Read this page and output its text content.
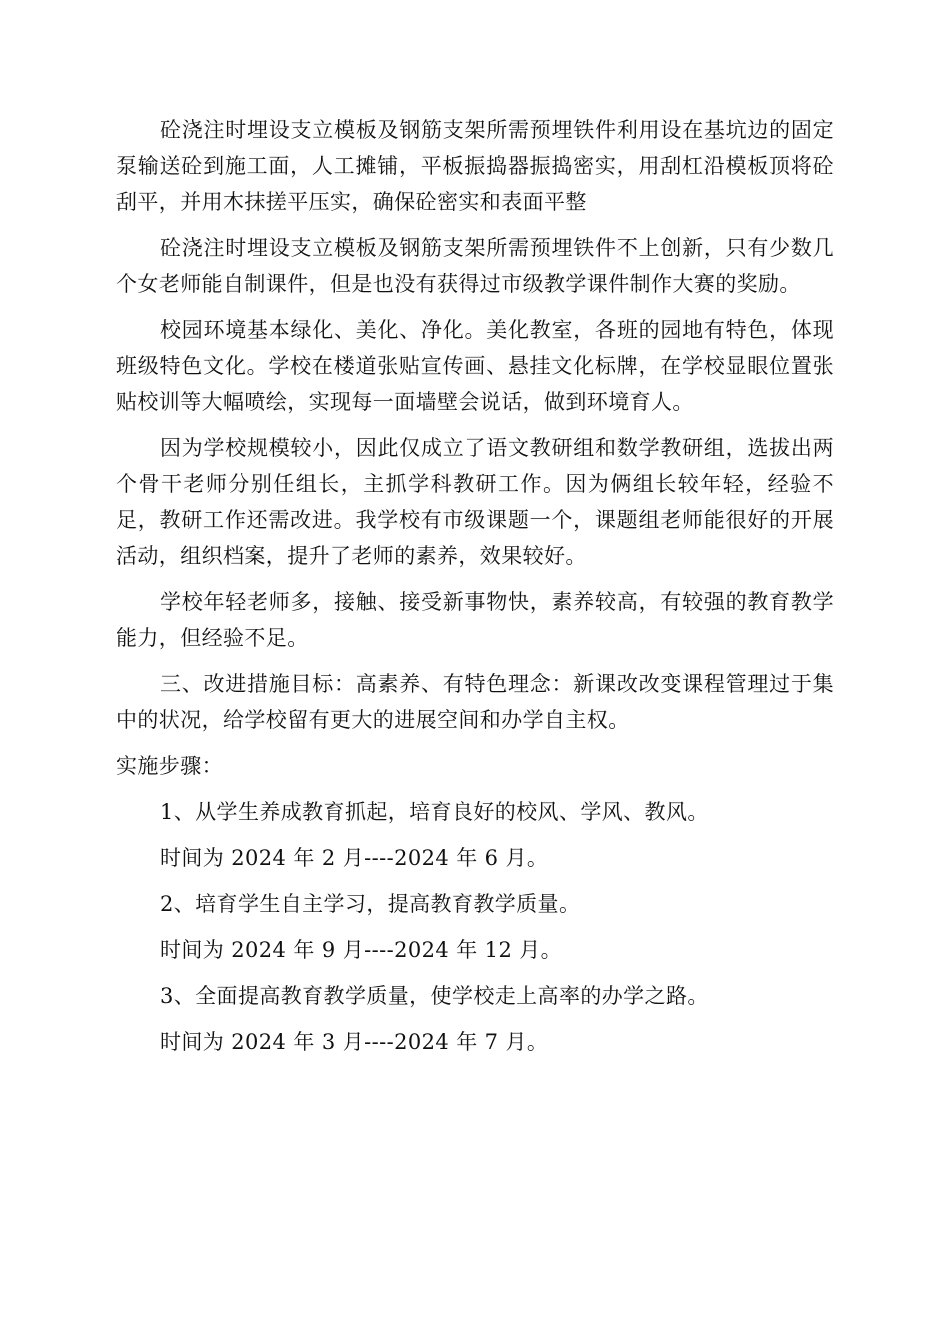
砼浇注时埋设支立模板及钢筋支架所需预埋铁件利用设在基坑边的固定泵输送砼到施工面，人工摊铺，平板振捣器振捣密实，用刮杠沿模板顶将砼刮平，并用木抹搓平压实，确保砼密实和表面平整

砼浇注时埋设支立模板及钢筋支架所需预埋铁件不上创新，只有少数几个女老师能自制课件，但是也没有获得过市级教学课件制作大赛的奖励。

校园环境基本绿化、美化、净化。美化教室，各班的园地有特色，体现班级特色文化。学校在楼道张贴宣传画、悬挂文化标牌，在学校显眼位置张贴校训等大幅喷绘，实现每一面墙壁会说话，做到环境育人。

因为学校规模较小，因此仅成立了语文教研组和数学教研组，选拔出两个骨干老师分别任组长，主抓学科教研工作。因为俩组长较年轻，经验不足，教研工作还需改进。我学校有市级课题一个，课题组老师能很好的开展活动，组织档案，提升了老师的素养，效果较好。

学校年轻老师多，接触、接受新事物快，素养较高，有较强的教育教学能力，但经验不足。

三、改进措施目标：高素养、有特色理念：新课改改变课程管理过于集中的状况，给学校留有更大的进展空间和办学自主权。

实施步骤：

1、从学生养成教育抓起，培育良好的校风、学风、教风。

时间为 2024 年 2 月----2024 年 6 月。

2、培育学生自主学习，提高教育教学质量。

时间为 2024 年 9 月----2024 年 12 月。

3、全面提高教育教学质量，使学校走上高率的办学之路。

时间为 2024 年 3 月----2024 年 7 月。
